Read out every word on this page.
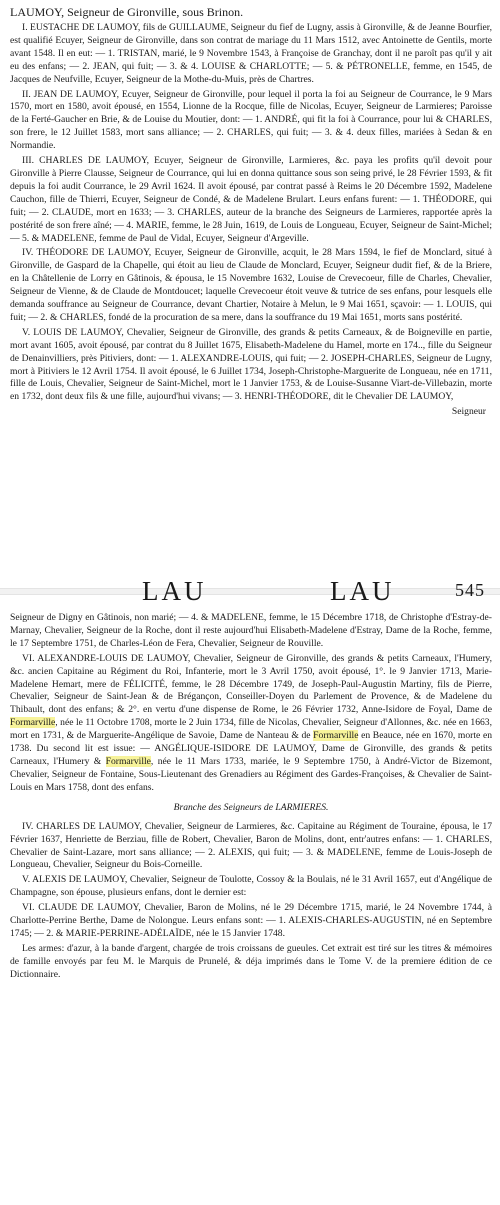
LAUMOY, Seigneur de Gironville, sous Brinon.

I. EUSTACHE DE LAUMOY, fils de GUILLAUME, Seigneur du fief de Lugny, assis à Gironville, & de Jeanne Bourfier, est qualifié Ecuyer, Seigneur de Gironville, dans son contrat de mariage du 11 Mars 1512, avec Antoinette de Gentils, morte avant 1548. Il en eut: — 1. TRISTAN, marié, le 9 Novembre 1543, à Françoise de Granchay, dont il ne paroît pas qu'il y ait eu des enfans; — 2. JEAN, qui fuit; — 3. & 4. LOUISE & CHARLOTTE; — 5. & PÉTRONELLE, femme, en 1545, de Jacques de Neufville, Ecuyer, Seigneur de la Mothe-du-Muis, près de Chartres.

II. JEAN DE LAUMOY, Ecuyer, Seigneur de Gironville, pour lequel il porta la foi au Seigneur de Courrance, le 9 Mars 1570, mort en 1580, avoit épousé, en 1554, Lionne de la Rocque, fille de Nicolas, Ecuyer, Seigneur de Larmieres; Paroisse de la Ferté-Gaucher en Brie, & de Louise du Moutier, dont: — 1. ANDRÉ, qui fit la foi à Courrance, pour lui & CHARLES, son frere, le 12 Juillet 1583, mort sans alliance; — 2. CHARLES, qui fuit; — 3. & 4. deux filles, mariées à Sedan & en Normandie.

III. CHARLES DE LAUMOY, Ecuyer, Seigneur de Gironville, Larmieres, &c. paya les profits qu'il devoit pour Gironville à Pierre Clausse, Seigneur de Courrance, qui lui en donna quittance sous son seing privé, le 28 Février 1593, & fit depuis la foi audit Courrance, le 29 Avril 1624. Il avoit épousé, par contrat passé à Reims le 20 Décembre 1592, Madelene Cauchon, fille de Thierri, Ecuyer, Seigneur de Condé, & de Madelene Brulart. Leurs enfans furent: — 1. THÉODORE, qui fuit; — 2. CLAUDE, mort en 1633; — 3. CHARLES, auteur de la branche des Seigneurs de Larmieres, rapportée après la postérité de son frere aîné; — 4. MARIE, femme, le 28 Juin, 1619, de Louis de Longueau, Ecuyer, Seigneur de Saint-Michel; — 5. & MADELENE, femme de Paul de Vidal, Ecuyer, Seigneur d'Argeville.

IV. THÉODORE DE LAUMOY, Ecuyer, Seigneur de Gironville, acquit, le 28 Mars 1594, le fief de Monclard, situé à Gironville, de Gaspard de la Chapelle, qui étoit au lieu de Claude de Monclard, Ecuyer, Seigneur dudit fief, & de la Briere, en la Châtellenie de Lorry en Gâtinois, & épousa, le 15 Novembre 1632, Louise de Crevecoeur, fille de Charles, Chevalier, Seigneur de Vienne, & de Claude de Montdoucet; laquelle Crevecoeur étoit veuve & tutrice de ses enfans, pour lesquels elle demanda souffrance au Seigneur de Courrance, devant Chartier, Notaire à Melun, le 9 Mai 1651, sçavoir: — 1. LOUIS, qui fuit; — 2. & CHARLES, fondé de la procuration de sa mere, dans la souffrance du 19 Mai 1651, morts sans postérité.

V. LOUIS DE LAUMOY, Chevalier, Seigneur de Gironville, des grands & petits Carneaux, & de Boigneville en partie, mort avant 1605, avoit épousé, par contrat du 8 Juillet 1675, Elisabeth-Madelene du Hamel, morte en 174.., fille du Seigneur de Denainvilliers, près Pitiviers, dont: — 1. ALEXANDRE-LOUIS, qui fuit; — 2. JOSEPH-CHARLES, Seigneur de Lugny, mort à Pitiviers le 12 Avril 1754. Il avoit épousé, le 6 Juillet 1734, Joseph-Christophe-Marguerite de Longueau, née en 1711, fille de Louis, Chevalier, Seigneur de Saint-Michel, mort le 1 Janvier 1753, & de Louise-Susanne Viart-de-Villebazin, morte en 1732, dont deux fils & une fille, aujourd'hui vivans; — 3. HENRI-THÉODORE, dit le Chevalier DE LAUMOY,

Seigneur

LAU	LAU	545

Seigneur de Digny en Gâtinois, non marié; — 4. & MADELENE, femme, le 15 Décembre 1718, de Christophe d'Estray-de-Marnay, Chevalier, Seigneur de la Roche, dont il reste aujourd'hui Elisabeth-Madelene d'Estray, Dame de la Roche, femme, le 17 Septembre 1751, de Charles-Léon de Fera, Chevalier, Seigneur de Rouville.

VI. ALEXANDRE-LOUIS DE LAUMOY, Chevalier, Seigneur de Gironville, des grands & petits Carneaux, l'Humery, &c. ancien Capitaine au Régiment du Roi, Infanterie, mort le 3 Avril 1750, avoit épousé, 1°. le 9 Janvier 1713, Marie-Madelene Hemart, mere de FÉLICITÉ, femme, le 28 Décembre 1749, de Joseph-Paul-Augustin Martiny, fils de Pierre, Chevalier, Seigneur de Saint-Jean & de Bréganҫon, Conseiller-Doyen du Parlement de Provence, & de Madelene du Thibault, dont des enfans; & 2°. en vertu d'une dispense de Rome, le 26 Février 1732, Anne-Isidore de Foyal, Dame de Formarville, née le 11 Octobre 1708, morte le 2 Juin 1734, fille de Nicolas, Chevalier, Seigneur d'Allonnes, &c. née en 1663, mort en 1731, & de Marguerite-Angélique de Savoie, Dame de Nanteau & de Formarville en Beauce, née en 1670, morte en 1738. Du second lit est issue: — ANGÉLIQUE-ISIDORE DE LAUMOY, Dame de Gironville, des grands & petits Carneaux, l'Humery & Formarville, née le 11 Mars 1733, mariée, le 9 Septembre 1750, à André-Victor de Bizemont, Chevalier, Seigneur de Fontaine, Sous-Lieutenant des Grenadiers au Régiment des Gardes-Françoises, & Chevalier de Saint-Louis en Mars 1758, dont des enfans.

Branche des Seigneurs de LARMIERES.

IV. CHARLES DE LAUMOY, Chevalier, Seigneur de Larmieres, &c. Capitaine au Régiment de Touraine, épousa, le 17 Février 1637, Henriette de Berziau, fille de Robert, Chevalier, Baron de Molins, dont, entr'autres enfans: — 1. CHARLES, Chevalier de Saint-Lazare, mort sans alliance; — 2. ALEXIS, qui fuit; — 3. & MADELENE, femme de Louis-Joseph de Longueau, Chevalier, Seigneur du Bois-Corneille.

V. ALEXIS DE LAUMOY, Chevalier, Seigneur de Toulotte, Cossoy & la Boulais, né le 31 Avril 1657, eut d'Angélique de Champagne, son épouse, plusieurs enfans, dont le dernier est:

VI. CLAUDE DE LAUMOY, Chevalier, Baron de Molins, né le 29 Décembre 1715, marié, le 24 Novembre 1744, à Charlotte-Perrine Berthe, Dame de Nolongue. Leurs enfans sont: — 1. ALEXIS-CHARLES-AUGUSTIN, né en Septembre 1745; — 2. & MARIE-PERRINE-ADÉLAÏDE, née le 15 Janvier 1748.

Les armes: d'azur, à la bande d'argent, chargée de trois croissans de gueules. Cet extrait est tiré sur les titres & mémoires de famille envoyés par feu M. le Marquis de Prunelé, & déja imprimés dans le Tome V. de la premiere édition de ce Dictionnaire.
